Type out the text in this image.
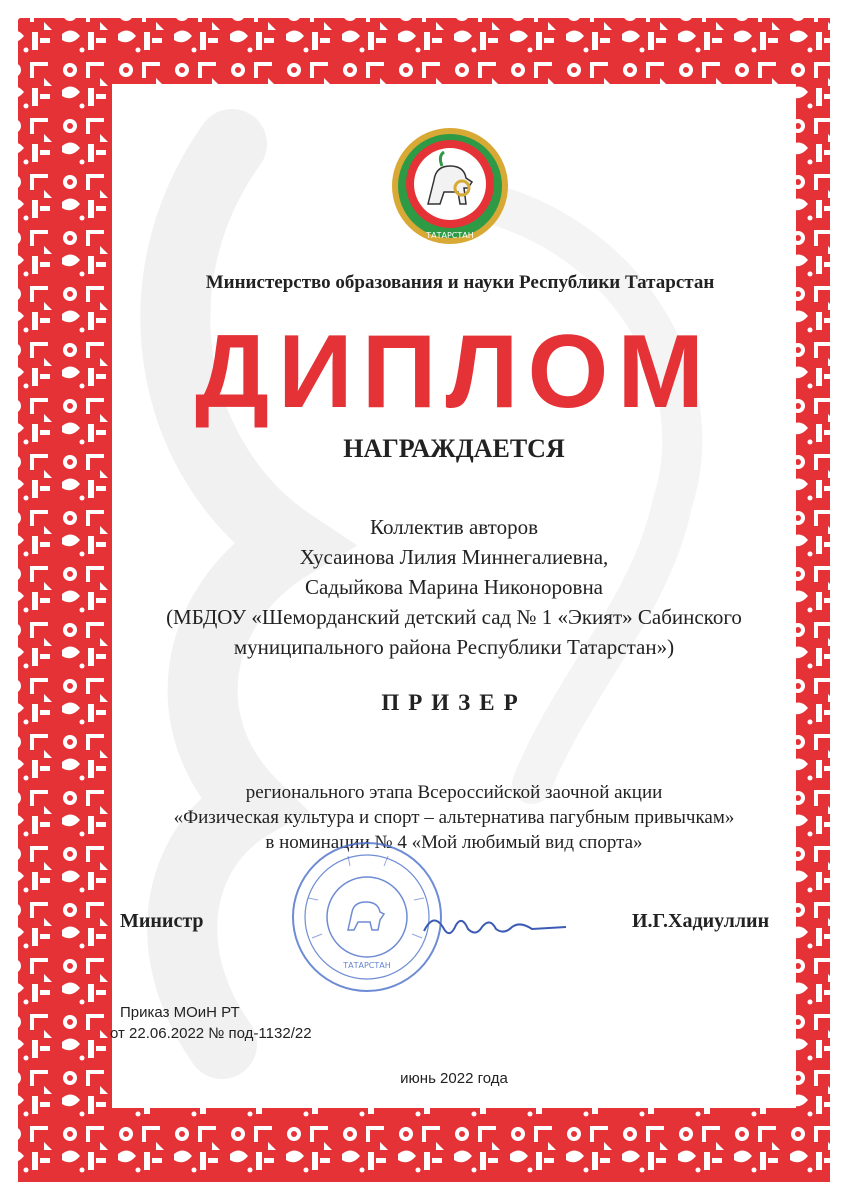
ТАТАРСТАН
Министерство образования и науки Республики Татарстан
ДИПЛОМ
НАГРАЖДАЕТСЯ
Коллектив авторов
Хусаинова Лилия Миннегалиевна,
Садыйкова Марина Никоноровна
(МБДОУ «Шеморданский детский сад № 1 «Экият» Сабинского
муниципального района Республики Татарстан»)
ПРИЗЕР
регионального этапа Всероссийской заочной акции
«Физическая культура и спорт – альтернатива пагубным привычкам»
в номинации № 4 «Мой любимый вид спорта»
ТАТАРСТАН
Министр	И.Г.Хадиуллин
Приказ МОиН РТ
от 22.06.2022 № под-1132/22
июнь 2022 года
